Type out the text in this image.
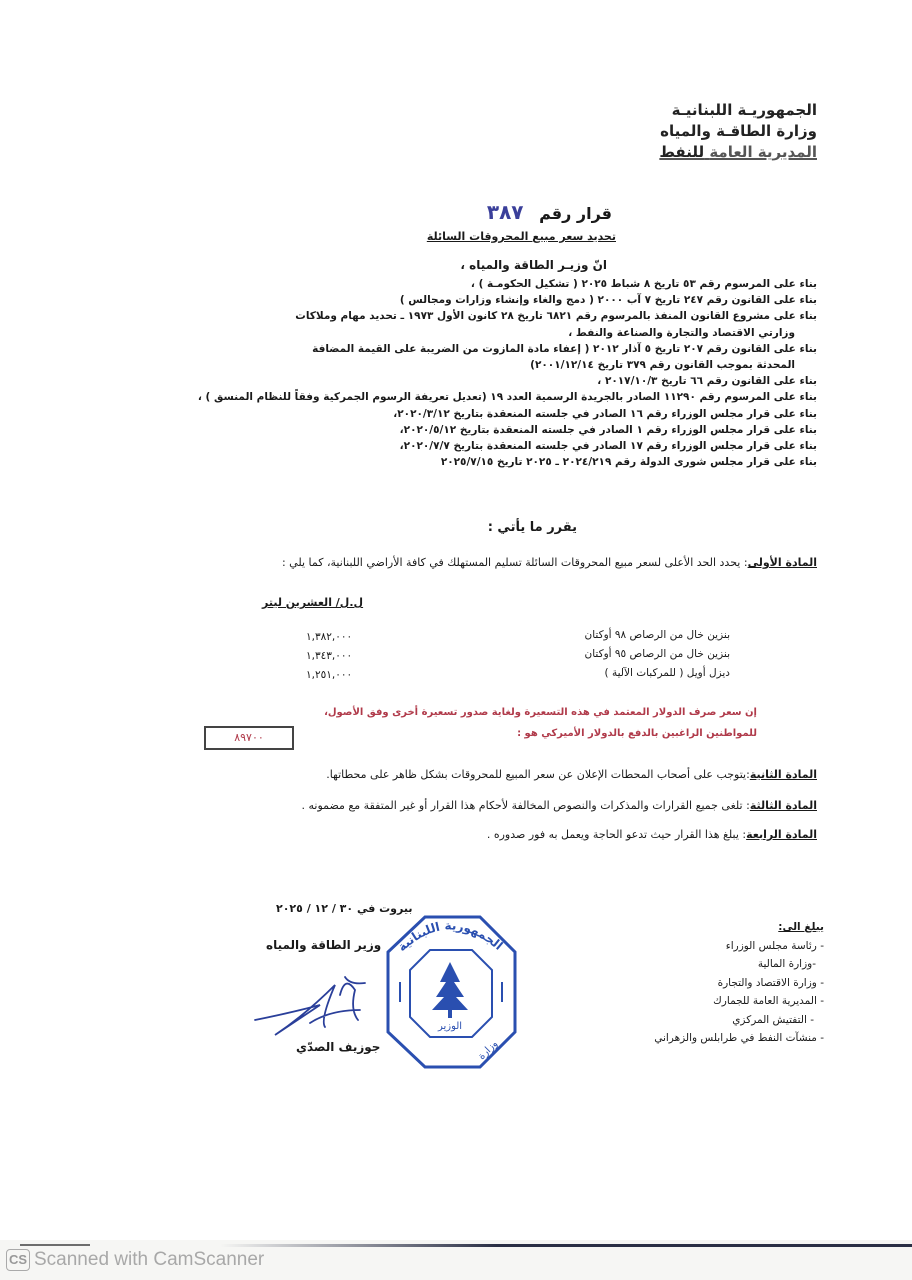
الجمهوريـة اللبنانيـة
وزارة الطاقـة والمياه
المديرية العامة للنفط
قرار رقم ٣٨٧
تحديد سعر مبيع المحروقات السائلة
انّ وزيـر الطاقة والمياه ،
بناء على المرسوم رقم ٥٣ تاريخ ٨ شباط ٢٠٢٥ ( تشكيل الحكومـة ) ،
بناء على القانون رقم ٢٤٧ تاريخ ٧ آب ٢٠٠٠ ( دمج والغاء وإنشاء وزارات ومجالس )
بناء على مشروع القانون المنفذ بالمرسوم رقم ٦٨٢١ تاريخ ٢٨ كانون الأول ١٩٧٣ ـ تحديد مهام وملاكات
وزارتي الاقتصاد والتجارة والصناعة والنفط ،
بناء على القانون رقم ٢٠٧ تاريخ ٥ آذار ٢٠١٢ ( إعفاء مادة المازوت من الضريبة على القيمة المضافة
المحدثة بموجب القانون رقم ٣٧٩ تاريخ ٢٠٠١/١٢/١٤)
بناء على القانون رقم ٦٦ تاريخ ٢٠١٧/١٠/٣ ،
بناء على المرسوم رقم ١١٢٩٠ الصادر بالجريدة الرسمية العدد ١٩ (تعديل تعريفة الرسوم الجمركية وفقاً للنظام المنسق ) ،
بناء على قرار مجلس الوزراء رقم ١٦ الصادر في جلسته المنعقدة بتاريخ ٢٠٢٠/٣/١٢،
بناء على قرار مجلس الوزراء رقم ١ الصادر في جلسته المنعقدة بتاريخ ٢٠٢٠/٥/١٢،
بناء على قرار مجلس الوزراء رقم ١٧ الصادر في جلسته المنعقدة بتاريخ ٢٠٢٠/٧/٧،
بناء على قرار مجلس شورى الدولة رقم ٢٠٢٤/٢١٩ ـ ٢٠٢٥ تاريخ ٢٠٢٥/٧/١٥
يقرر ما يأتي :
المادة الأولى: يحدد الحد الأعلى لسعر مبيع المحروقات السائلة تسليم المستهلك في كافة الأراضي اللبنانية، كما يلي :
ل.ل/ العشرين ليتر
بنزين خال من الرصاص ٩٨ أوكتان
١,٣٨٢,٠٠٠
بنزين خال من الرصاص ٩٥ أوكتان
١,٣٤٣,٠٠٠
ديزل أويل ( للمركبات الآلية )
١,٢٥١,٠٠٠
إن سعر صرف الدولار المعتمد في هذه التسعيرة ولغاية صدور تسعيرة أخرى وفق الأصول،
للمواطنين الراغبين بالدفع بالدولار الأميركي هو :
٨٩٧٠٠
المادة الثانية:يتوجب على أصحاب المحطات الإعلان عن سعر المبيع للمحروقات بشكل ظاهر على محطاتها.
المادة الثالثة: تلغى جميع القرارات والمذكرات والنصوص المخالفة لأحكام هذا القرار أو غير المتفقة مع مضمونه .
المادة الرابعة: يبلغ هذا القرار حيث تدعو الحاجة ويعمل به فور صدوره .
بيروت في ٣٠ / ١٢ / ٢٠٢٥
وزير الطاقة والمياه الجمهورية اللبنانية
الوزير
وزارة
جوزيف الصدّي
يبلغ الى:
- رئاسة مجلس الوزراء
-وزارة المالية
- وزارة الاقتصاد والتجارة
- المديرية العامة للجمارك
- التفتيش المركزي
- منشآت النفط في طرابلس والزهراني
CS Scanned with CamScanner
